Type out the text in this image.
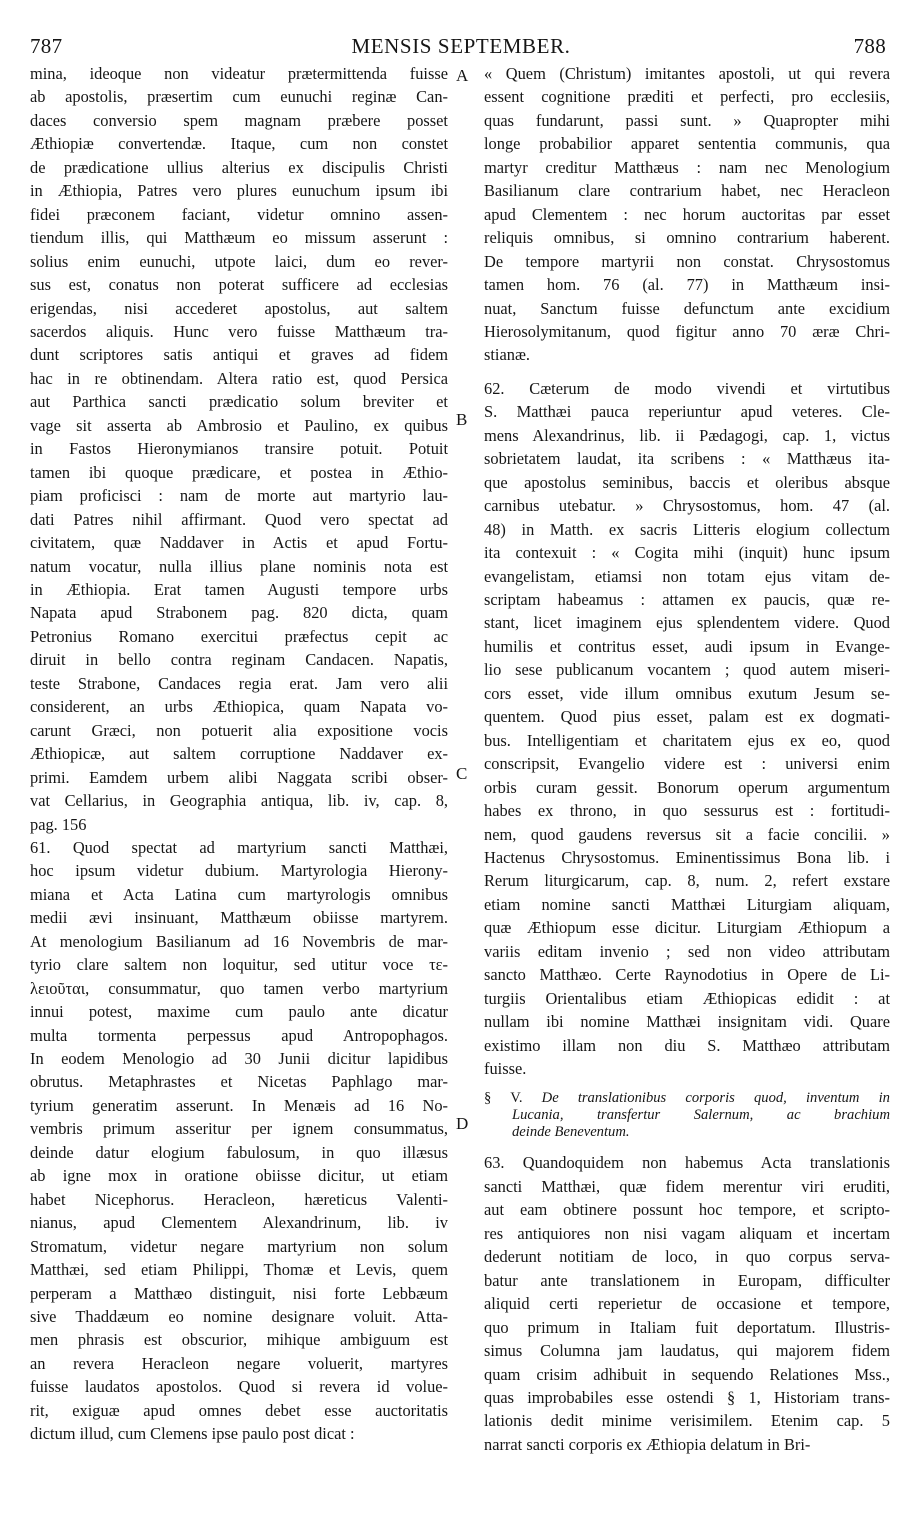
787	MENSIS SEPTEMBER.	788
A
B
C
D
mina, ideoque non videatur prætermittenda fuisse
ab apostolis, præsertim cum eunuchi reginæ Can-
daces conversio spem magnam præbere posset
Æthiopiæ convertendæ. Itaque, cum non constet
de prædicatione ullius alterius ex discipulis Christi
in Æthiopia, Patres vero plures eunuchum ipsum ibi
fidei præconem faciant, videtur omnino assen-
tiendum illis, qui Matthæum eo missum asserunt :
solius enim eunuchi, utpote laici, dum eo rever-
sus est, conatus non poterat sufficere ad ecclesias
erigendas, nisi accederet apostolus, aut saltem
sacerdos aliquis. Hunc vero fuisse Matthæum tra-
dunt scriptores satis antiqui et graves ad fidem
hac in re obtinendam. Altera ratio est, quod Persica
aut Parthica sancti prædicatio solum breviter et
vage sit asserta ab Ambrosio et Paulino, ex quibus
in Fastos Hieronymianos transire potuit. Potuit
tamen ibi quoque prædicare, et postea in Æthio-
piam proficisci : nam de morte aut martyrio lau-
dati Patres nihil affirmant. Quod vero spectat ad
civitatem, quæ Naddaver in Actis et apud Fortu-
natum vocatur, nulla illius plane nominis nota est
in Æthiopia. Erat tamen Augusti tempore urbs
Napata apud Strabonem pag. 820 dicta, quam
Petronius Romano exercitui præfectus cepit ac
diruit in bello contra reginam Candacen. Napatis,
teste Strabone, Candaces regia erat. Jam vero alii
considerent, an urbs Æthiopica, quam Napata vo-
carunt Græci, non potuerit alia expositione vocis
Æthiopicæ, aut saltem corruptione Naddaver ex-
primi. Eamdem urbem alibi Naggata scribi obser-
vat Cellarius, in Geographia antiqua, lib. iv, cap. 8,
pag. 156
61. Quod spectat ad martyrium sancti Matthæi,
hoc ipsum videtur dubium. Martyrologia Hierony-
miana et Acta Latina cum martyrologis omnibus
medii ævi insinuant, Matthæum obiisse martyrem.
At menologium Basilianum ad 16 Novembris de mar-
tyrio clare saltem non loquitur, sed utitur voce τε-
λειοῦται, consummatur, quo tamen verbo martyrium
innui potest, maxime cum paulo ante dicatur
multa tormenta perpessus apud Antropophagos.
In eodem Menologio ad 30 Junii dicitur lapidibus
obrutus. Metaphrastes et Nicetas Paphlago mar-
tyrium generatim asserunt. In Menæis ad 16 No-
vembris primum asseritur per ignem consummatus,
deinde datur elogium fabulosum, in quo illæsus
ab igne mox in oratione obiisse dicitur, ut etiam
habet Nicephorus. Heracleon, hæreticus Valenti-
nianus, apud Clementem Alexandrinum, lib. iv
Stromatum, videtur negare martyrium non solum
Matthæi, sed etiam Philippi, Thomæ et Levis, quem
perperam a Matthæo distinguit, nisi forte Lebbæum
sive Thaddæum eo nomine designare voluit. Atta-
men phrasis est obscurior, mihique ambiguum est
an revera Heracleon negare voluerit, martyres
fuisse laudatos apostolos. Quod si revera id volue-
rit, exiguæ apud omnes debet esse auctoritatis
dictum illud, cum Clemens ipse paulo post dicat :
« Quem (Christum) imitantes apostoli, ut qui revera
essent cognitione præditi et perfecti, pro ecclesiis,
quas fundarunt, passi sunt. » Quapropter mihi
longe probabilior apparet sententia communis, qua
martyr creditur Matthæus : nam nec Menologium
Basilianum clare contrarium habet, nec Heracleon
apud Clementem : nec horum auctoritas par esset
reliquis omnibus, si omnino contrarium haberent.
De tempore martyrii non constat. Chrysostomus
tamen hom. 76 (al. 77) in Matthæum insi-
nuat, Sanctum fuisse defunctum ante excidium
Hierosolymitanum, quod figitur anno 70 æræ Chri-
stianæ.
62. Cæterum de modo vivendi et virtutibus
S. Matthæi pauca reperiuntur apud veteres. Cle-
mens Alexandrinus, lib. ii Pædagogi, cap. 1, victus
sobrietatem laudat, ita scribens : « Matthæus ita-
que apostolus seminibus, baccis et oleribus absque
carnibus utebatur. » Chrysostomus, hom. 47 (al.
48) in Matth. ex sacris Litteris elogium collectum
ita contexuit : « Cogita mihi (inquit) hunc ipsum
evangelistam, etiamsi non totam ejus vitam de-
scriptam habeamus : attamen ex paucis, quæ re-
stant, licet imaginem ejus splendentem videre. Quod
humilis et contritus esset, audi ipsum in Evange-
lio sese publicanum vocantem ; quod autem miseri-
cors esset, vide illum omnibus exutum Jesum se-
quentem. Quod pius esset, palam est ex dogmati-
bus. Intelligentiam et charitatem ejus ex eo, quod
conscripsit, Evangelio videre est : universi enim
orbis curam gessit. Bonorum operum argumentum
habes ex throno, in quo sessurus est : fortitudi-
nem, quod gaudens reversus sit a facie concilii. »
Hactenus Chrysostomus. Eminentissimus Bona lib. i
Rerum liturgicarum, cap. 8, num. 2, refert exstare
etiam nomine sancti Matthæi Liturgiam aliquam,
quæ Æthiopum esse dicitur. Liturgiam Æthiopum a
variis editam invenio ; sed non video attributam
sancto Matthæo. Certe Raynodotius in Opere de Li-
turgiis Orientalibus etiam Æthiopicas edidit : at
nullam ibi nomine Matthæi insignitam vidi. Quare
existimo illam non diu S. Matthæo attributam
fuisse.
§ V. De translationibus corporis quod, inventum in
Lucania, transfertur Salernum, ac brachium
deinde Beneventum.
63. Quandoquidem non habemus Acta translationis
sancti Matthæi, quæ fidem merentur viri eruditi,
aut eam obtinere possunt hoc tempore, et scripto-
res antiquiores non nisi vagam aliquam et incertam
dederunt notitiam de loco, in quo corpus serva-
batur ante translationem in Europam, difficulter
aliquid certi reperietur de occasione et tempore,
quo primum in Italiam fuit deportatum. Illustris-
simus Columna jam laudatus, qui majorem fidem
quam crisim adhibuit in sequendo Relationes Mss.,
quas improbabiles esse ostendi § 1, Historiam trans-
lationis dedit minime verisimilem. Etenim cap. 5
narrat sancti corporis ex Æthiopia delatum in Bri-
